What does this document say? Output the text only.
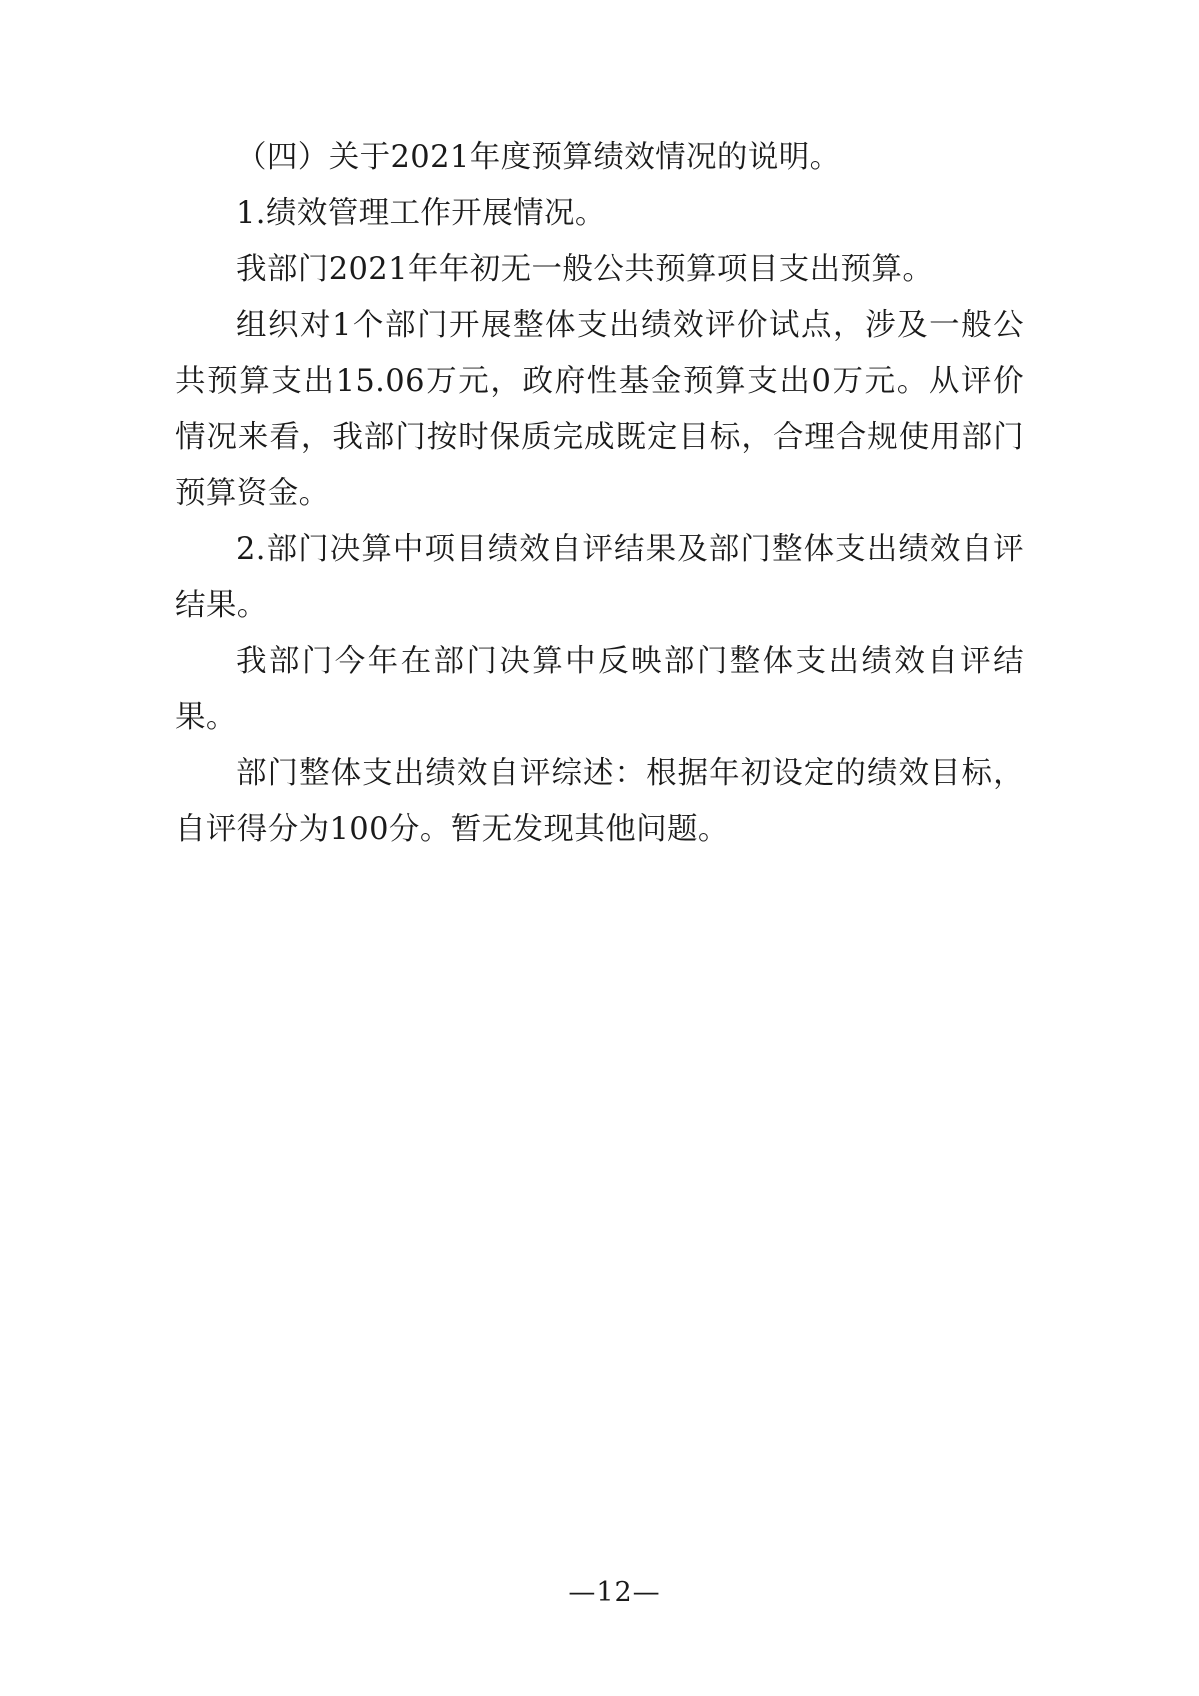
（四）关于2021年度预算绩效情况的说明。

1.绩效管理工作开展情况。

我部门2021年年初无一般公共预算项目支出预算。

组织对1个部门开展整体支出绩效评价试点，涉及一般公共预算支出15.06万元，政府性基金预算支出0万元。从评价情况来看，我部门按时保质完成既定目标，合理合规使用部门预算资金。

2.部门决算中项目绩效自评结果及部门整体支出绩效自评结果。

我部门今年在部门决算中反映部门整体支出绩效自评结果。

部门整体支出绩效自评综述：根据年初设定的绩效目标，自评得分为100分。暂无发现其他问题。

—12—
